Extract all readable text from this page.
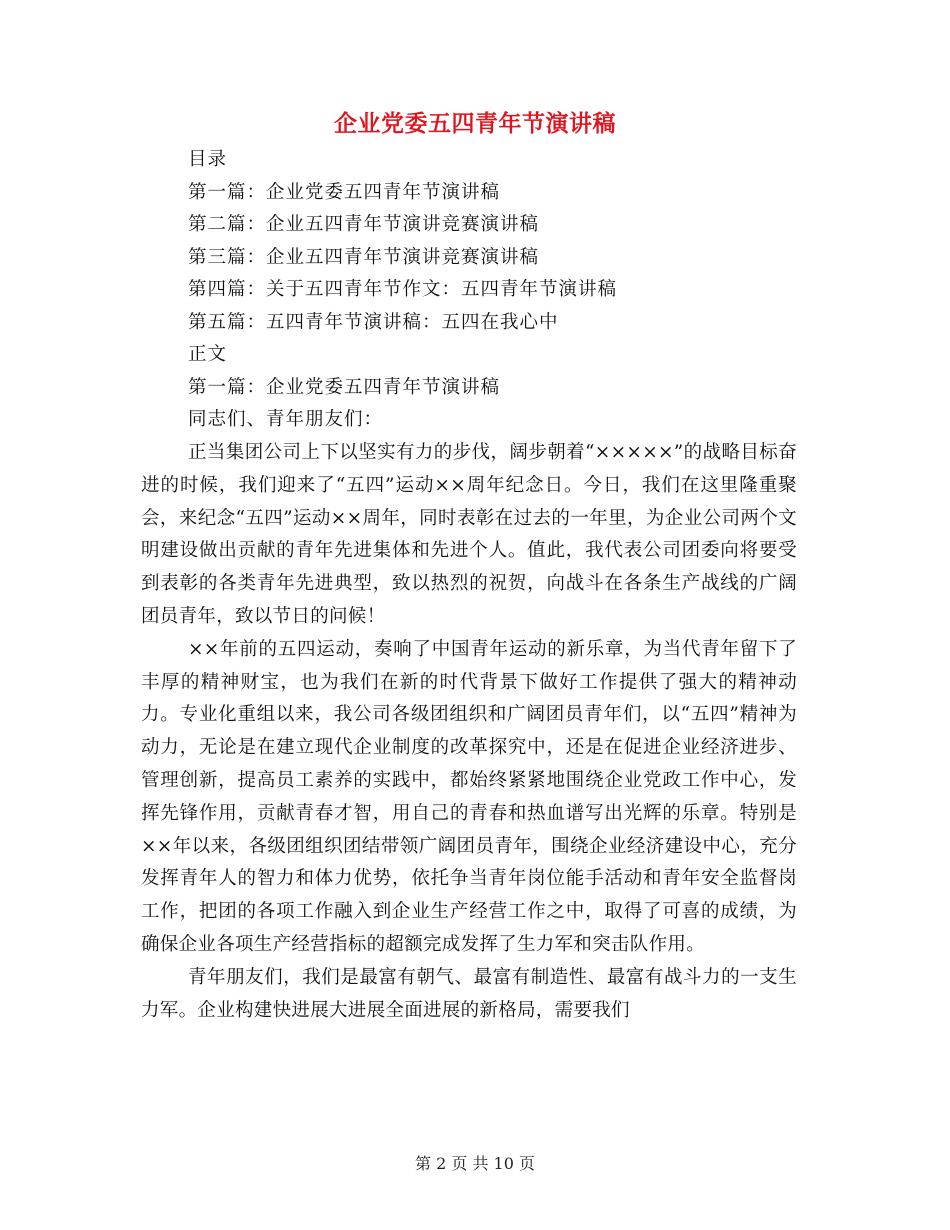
企业党委五四青年节演讲稿
目录
第一篇：企业党委五四青年节演讲稿
第二篇：企业五四青年节演讲竞赛演讲稿
第三篇：企业五四青年节演讲竞赛演讲稿
第四篇：关于五四青年节作文：五四青年节演讲稿
第五篇：五四青年节演讲稿：五四在我心中
正文
第一篇：企业党委五四青年节演讲稿
同志们、青年朋友们：

正当集团公司上下以坚实有力的步伐，阔步朝着“×××××”的战略目标奋进的时候，我们迎来了“五四”运动××周年纪念日。今日，我们在这里隆重聚会，来纪念“五四”运动××周年，同时表彰在过去的一年里，为企业公司两个文明建设做出贡献的青年先进集体和先进个人。值此，我代表公司团委向将要受到表彰的各类青年先进典型，致以热烈的祝贺，向战斗在各条生产战线的广阔团员青年，致以节日的问候！

××年前的五四运动，奏响了中国青年运动的新乐章，为当代青年留下了丰厚的精神财宝，也为我们在新的时代背景下做好工作提供了强大的精神动力。专业化重组以来，我公司各级团组织和广阔团员青年们，以“五四”精神为动力，无论是在建立现代企业制度的改革探究中，还是在促进企业经济进步、管理创新，提高员工素养的实践中，都始终紧紧地围绕企业党政工作中心，发挥先锋作用，贡献青春才智，用自己的青春和热血谱写出光辉的乐章。特别是××年以来，各级团组织团结带领广阔团员青年，围绕企业经济建设中心，充分发挥青年人的智力和体力优势，依托争当青年岗位能手活动和青年安全监督岗工作，把团的各项工作融入到企业生产经营工作之中，取得了可喜的成绩，为确保企业各项生产经营指标的超额完成发挥了生力军和突击队作用。

青年朋友们，我们是最富有朝气、最富有制造性、最富有战斗力的一支生力军。企业构建快进展大进展全面进展的新格局，需要我们

第 2 页 共 10 页
